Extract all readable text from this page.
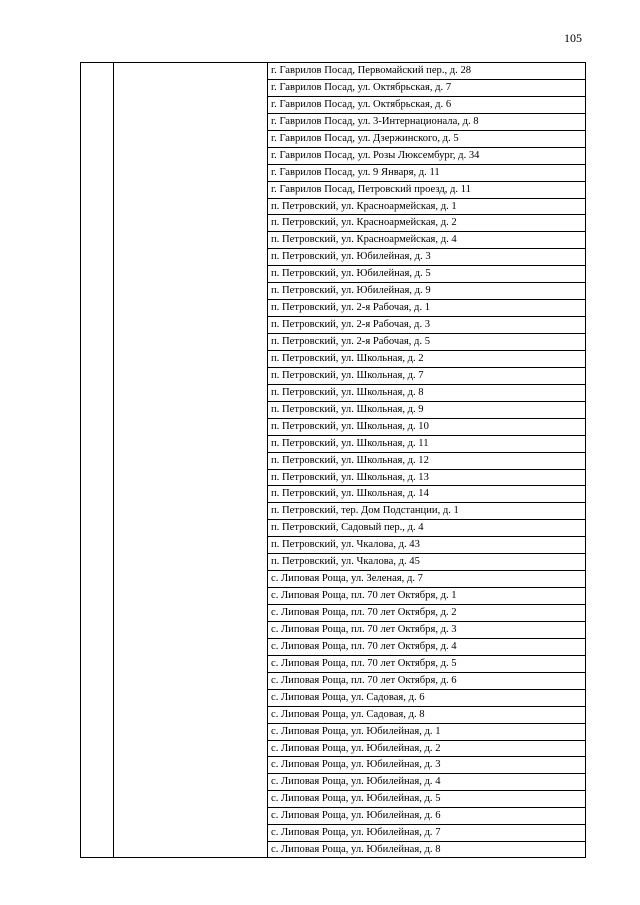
105
г. Гаврилов Посад, Первомайский пер., д. 28
г. Гаврилов Посад, ул. Октябрьская, д. 7
г. Гаврилов Посад, ул. Октябрьская, д. 6
г. Гаврилов Посад, ул. 3-Интернационала, д. 8
г. Гаврилов Посад, ул. Дзержинского, д. 5
г. Гаврилов Посад, ул. Розы Люксембург, д. 34
г. Гаврилов Посад, ул. 9 Января, д. 11
г. Гаврилов Посад, Петровский проезд, д. 11
п. Петровский, ул. Красноармейская, д. 1
п. Петровский, ул. Красноармейская, д. 2
п. Петровский, ул. Красноармейская, д. 4
п. Петровский, ул. Юбилейная, д. 3
п. Петровский, ул. Юбилейная, д. 5
п. Петровский, ул. Юбилейная, д. 9
п. Петровский, ул. 2-я Рабочая, д. 1
п. Петровский, ул. 2-я Рабочая, д. 3
п. Петровский, ул. 2-я Рабочая, д. 5
п. Петровский, ул. Школьная, д. 2
п. Петровский, ул. Школьная, д. 7
п. Петровский, ул. Школьная, д. 8
п. Петровский, ул. Школьная, д. 9
п. Петровский, ул. Школьная, д. 10
п. Петровский, ул. Школьная, д. 11
п. Петровский, ул. Школьная, д. 12
п. Петровский, ул. Школьная, д. 13
п. Петровский, ул. Школьная, д. 14
п. Петровский, тер. Дом Подстанции, д. 1
п. Петровский, Садовый пер., д. 4
п. Петровский, ул. Чкалова, д. 43
п. Петровский, ул. Чкалова, д. 45
с. Липовая Роща, ул. Зеленая, д. 7
с. Липовая Роща, пл. 70 лет Октября, д. 1
с. Липовая Роща, пл. 70 лет Октября, д. 2
с. Липовая Роща, пл. 70 лет Октября, д. 3
с. Липовая Роща, пл. 70 лет Октября, д. 4
с. Липовая Роща, пл. 70 лет Октября, д. 5
с. Липовая Роща, пл. 70 лет Октября, д. 6
с. Липовая Роща, ул. Садовая, д. 6
с. Липовая Роща, ул. Садовая, д. 8
с. Липовая Роща, ул. Юбилейная, д. 1
с. Липовая Роща, ул. Юбилейная, д. 2
с. Липовая Роща, ул. Юбилейная, д. 3
с. Липовая Роща, ул. Юбилейная, д. 4
с. Липовая Роща, ул. Юбилейная, д. 5
с. Липовая Роща, ул. Юбилейная, д. 6
с. Липовая Роща, ул. Юбилейная, д. 7
с. Липовая Роща, ул. Юбилейная, д. 8
